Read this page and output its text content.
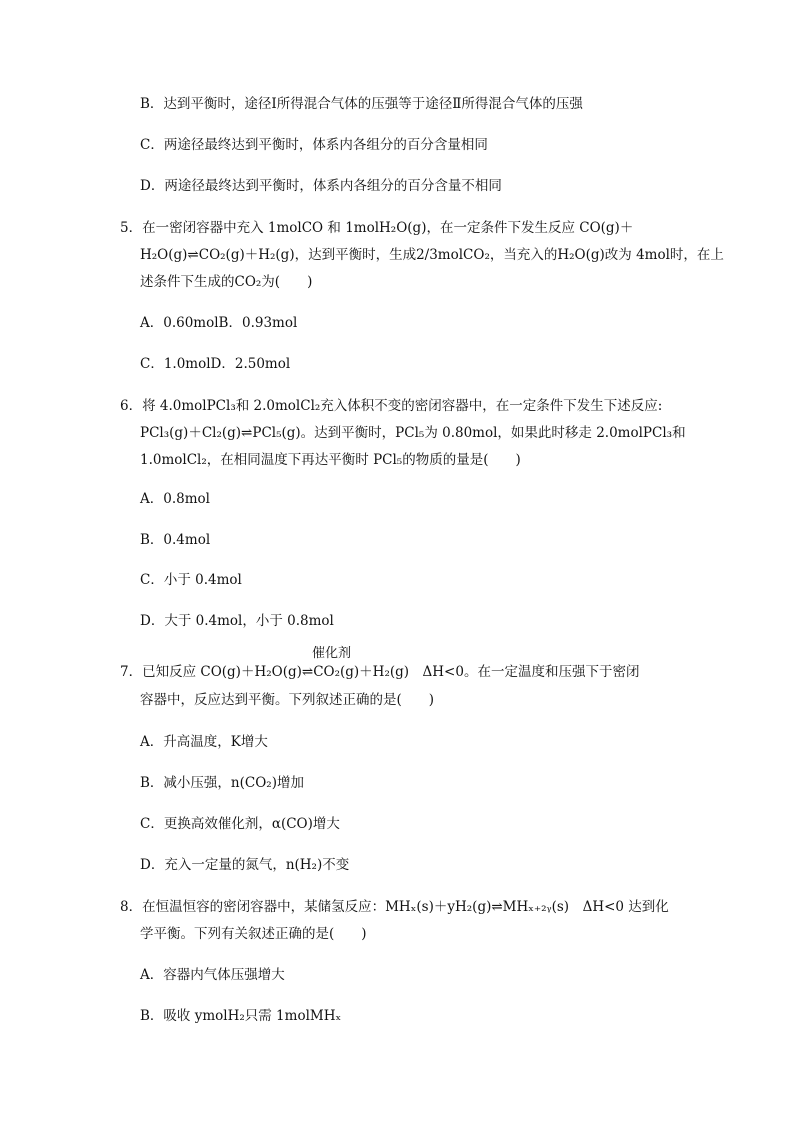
B．达到平衡时，途径Ⅰ所得混合气体的压强等于途径Ⅱ所得混合气体的压强
C．两途径最终达到平衡时，体系内各组分的百分含量相同
D．两途径最终达到平衡时，体系内各组分的百分含量不相同
5．在一密闭容器中充入 1molCO 和 1molH₂O(g)，在一定条件下发生反应 CO(g)＋
H₂O(g)⇌CO₂(g)＋H₂(g)，达到平衡时，生成2/3molCO₂，当充入的H₂O(g)改为 4mol时，在上
述条件下生成的CO₂为(　　)
A．0.60molB．0.93mol
C．1.0molD．2.50mol
6．将 4.0molPCl₃和 2.0molCl₂充入体积不变的密闭容器中，在一定条件下发生下述反应:
PCl₃(g)＋Cl₂(g)⇌PCl₅(g)。达到平衡时，PCl₅为 0.80mol，如果此时移走 2.0molPCl₃和
1.0molCl₂，在相同温度下再达平衡时 PCl₅的物质的量是(　　)
A．0.8mol
B．0.4mol
C．小于 0.4mol
D．大于 0.4mol，小于 0.8mol
催化剂
7．已知反应 CO(g)＋H₂O(g)⇌CO₂(g)＋H₂(g)　ΔH<0。在一定温度和压强下于密闭
容器中，反应达到平衡。下列叙述正确的是(　　)
A．升高温度，K增大
B．减小压强，n(CO₂)增加
C．更换高效催化剂，α(CO)增大
D．充入一定量的氮气，n(H₂)不变
8．在恒温恒容的密闭容器中，某储氢反应：MHₓ(s)＋yH₂(g)⇌MHₓ₊₂ᵧ(s)　ΔH<0 达到化
学平衡。下列有关叙述正确的是(　　)
A．容器内气体压强增大
B．吸收 ymolH₂只需 1molMHₓ
